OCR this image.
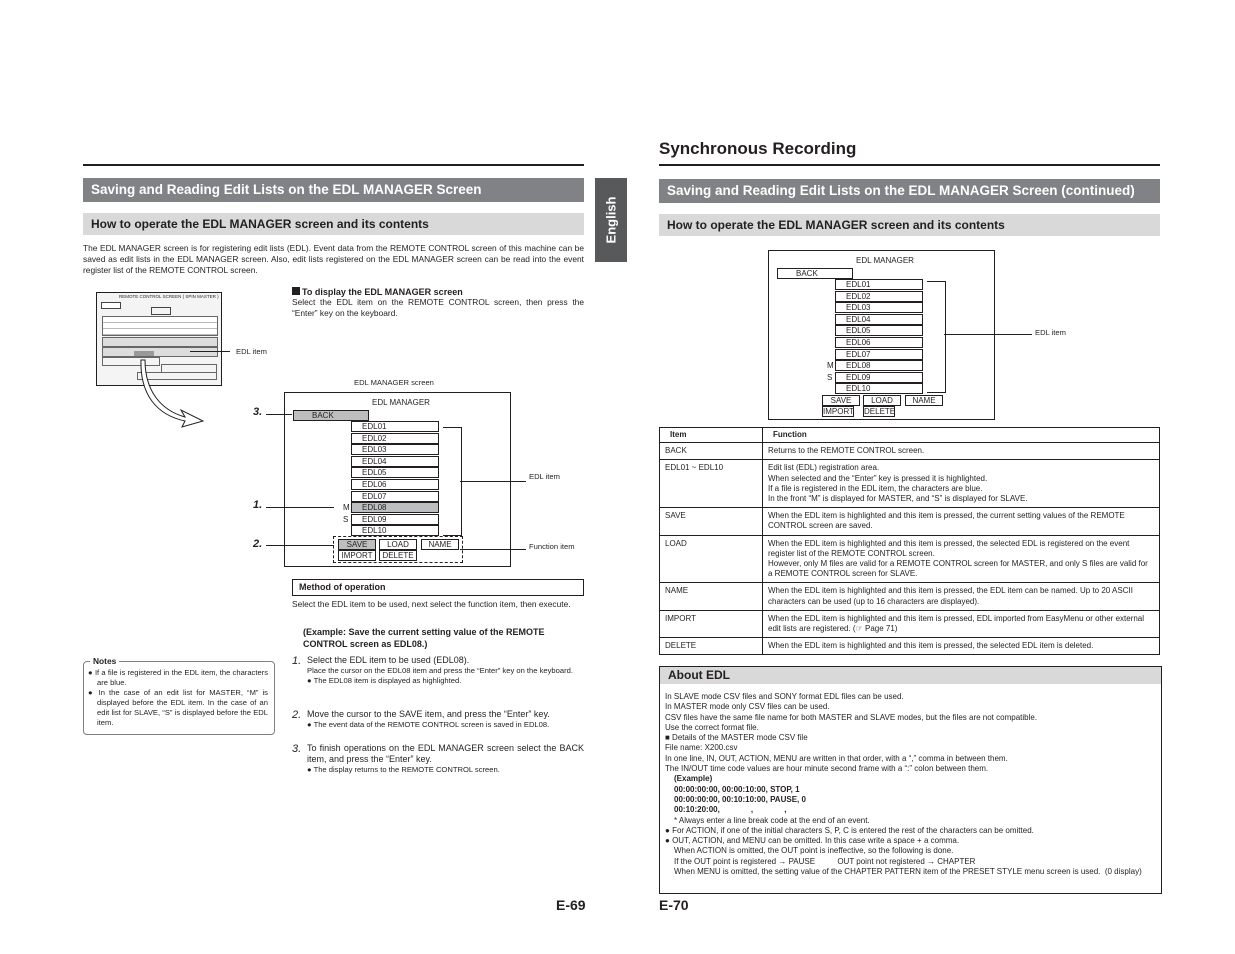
Saving and Reading Edit Lists on the EDL MANAGER Screen
How to operate the EDL MANAGER screen and its contents
The EDL MANAGER screen is for registering edit lists (EDL). Event data from the REMOTE CONTROL screen of this machine can be saved as edit lists in the EDL MANAGER screen. Also, edit lists registered on the EDL MANAGER screen can be read into the event register list of the REMOTE CONTROL screen.
REMOTE CONTROL SCREEN ( SPIN MASTER )
EDL item
To display the EDL MANAGER screen
Select the EDL item on the REMOTE CONTROL screen, then press the “Enter” key on the keyboard.
EDL MANAGER screen
EDL MANAGER
BACK
EDL01
EDL02
EDL03
EDL04
EDL05
EDL06
EDL07
EDL08
EDL09
EDL10
M
S
SAVE	LOAD	NAME
IMPORT	DELETE
EDL item
Function item
3.
1.
2.
Method of operation
Select the EDL item to be used, next select the function item, then execute.
(Example: Save the current setting value of the REMOTE CONTROL screen as EDL08.)
1. Select the EDL item to be used (EDL08).
Place the cursor on the EDL08 item and press the “Enter” key on the keyboard.
● The EDL08 item is displayed as highlighted.
2. Move the cursor to the SAVE item, and press the “Enter” key.
● The event data of the REMOTE CONTROL screen is saved in EDL08.
3. To finish operations on the EDL MANAGER screen select the BACK item, and press the “Enter” key.
● The display returns to the REMOTE CONTROL screen.
Notes
● If a file is registered in the EDL item, the characters are blue.
● In the case of an edit list for MASTER, “M” is displayed before the EDL item. In the case of an edit list for SLAVE, “S” is displayed before the EDL item.
E-69
English
Synchronous Recording
Saving and Reading Edit Lists on the EDL MANAGER Screen (continued)
How to operate the EDL MANAGER screen and its contents
EDL MANAGER
BACK
EDL01
EDL02
EDL03
EDL04
EDL05
EDL06
EDL07
EDL08
EDL09
EDL10
M
S
SAVE	LOAD	NAME
IMPORT DELETE
EDL item
Item	Function
BACK	Returns to the REMOTE CONTROL screen.
EDL01 ~ EDL10	Edit list (EDL) registration area.
When selected and the “Enter” key is pressed it is highlighted.
If a file is registered in the EDL item, the characters are blue.
In the front “M” is displayed for MASTER, and “S” is displayed for SLAVE.
SAVE	When the EDL item is highlighted and this item is pressed, the current setting values of the REMOTE CONTROL screen are saved.
LOAD	When the EDL item is highlighted and this item is pressed, the selected EDL is registered on the event register list of the REMOTE CONTROL screen.
However, only M files are valid for a REMOTE CONTROL screen for MASTER, and only S files are valid for a REMOTE CONTROL screen for SLAVE.
NAME	When the EDL item is highlighted and this item is pressed, the EDL item can be named. Up to 20 ASCII characters can be used (up to 16 characters are displayed).
IMPORT	When the EDL item is highlighted and this item is pressed, EDL imported from EasyMenu or other external edit lists are registered. (☞ Page 71)
DELETE	When the EDL item is highlighted and this item is pressed, the selected EDL item is deleted.
About EDL
In SLAVE mode CSV files and SONY format EDL files can be used.
In MASTER mode only CSV files can be used.
CSV files have the same file name for both MASTER and SLAVE modes, but the files are not compatible.
Use the correct format file.
■ Details of the MASTER mode CSV file
File name: X200.csv
In one line, IN, OUT, ACTION, MENU are written in that order, with a “,” comma in between them.
The IN/OUT time code values are hour minute second frame with a “:” colon between them.
(Example)
00:00:00:00, 00:00:10:00, STOP, 1
00:00:00:00, 00:10:10:00, PAUSE, 0
00:10:20:00,              ,              ,
* Always enter a line break code at the end of an event.
● For ACTION, if one of the initial characters S, P, C is entered the rest of the characters can be omitted.
● OUT, ACTION, and MENU can be omitted. In this case write a space + a comma.
When ACTION is omitted, the OUT point is ineffective, so the following is done.
If the OUT point is registered → PAUSE          OUT point not registered → CHAPTER
When MENU is omitted, the setting value of the CHAPTER PATTERN item of the PRESET STYLE menu screen is used.  (0 display)
E-70
